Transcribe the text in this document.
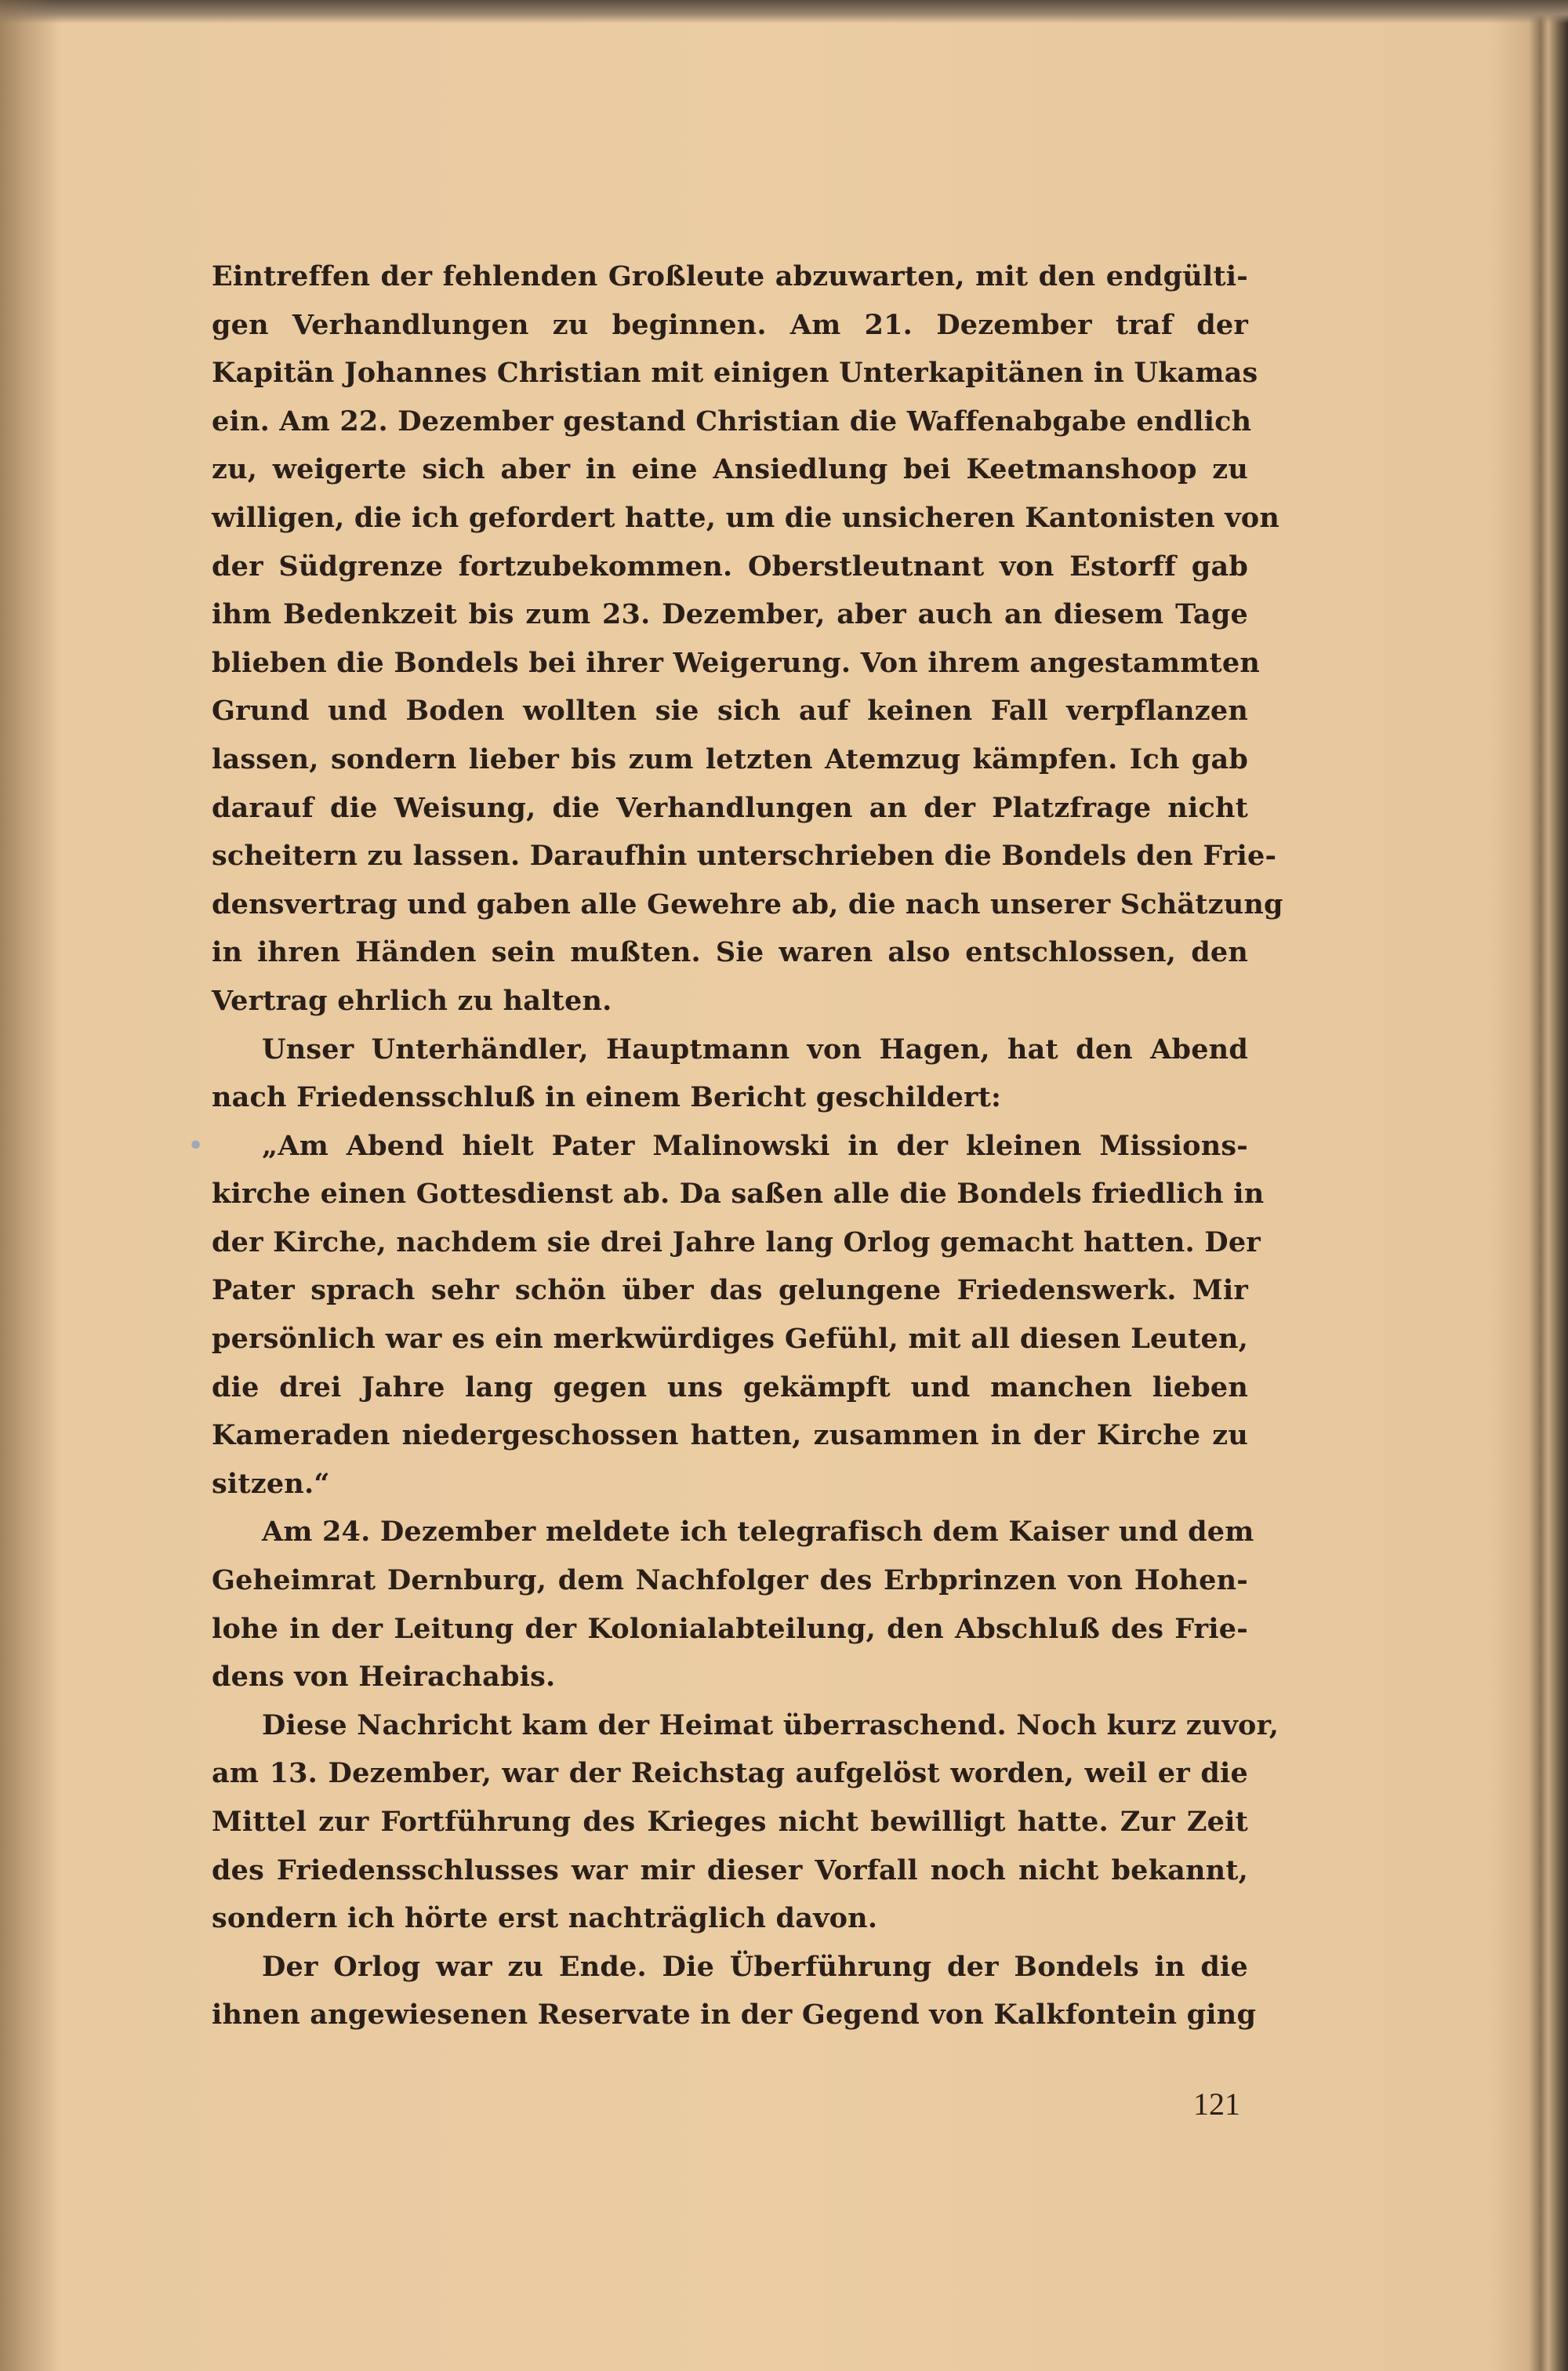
Eintreffen der fehlenden Großleute abzuwarten, mit den endgülti-
gen Verhandlungen zu beginnen. Am 21. Dezember traf der
Kapitän Johannes Christian mit einigen Unterkapitänen in Ukamas
ein. Am 22. Dezember gestand Christian die Waffenabgabe endlich
zu, weigerte sich aber in eine Ansiedlung bei Keetmanshoop zu
willigen, die ich gefordert hatte, um die unsicheren Kantonisten von
der Südgrenze fortzubekommen. Oberstleutnant von Estorff gab
ihm Bedenkzeit bis zum 23. Dezember, aber auch an diesem Tage
blieben die Bondels bei ihrer Weigerung. Von ihrem angestammten
Grund und Boden wollten sie sich auf keinen Fall verpflanzen
lassen, sondern lieber bis zum letzten Atemzug kämpfen. Ich gab
darauf die Weisung, die Verhandlungen an der Platzfrage nicht
scheitern zu lassen. Daraufhin unterschrieben die Bondels den Frie-
densvertrag und gaben alle Gewehre ab, die nach unserer Schätzung
in ihren Händen sein mußten. Sie waren also entschlossen, den
Vertrag ehrlich zu halten.
Unser Unterhändler, Hauptmann von Hagen, hat den Abend
nach Friedensschluß in einem Bericht geschildert:
• „Am Abend hielt Pater Malinowski in der kleinen Missions-
kirche einen Gottesdienst ab. Da saßen alle die Bondels friedlich in
der Kirche, nachdem sie drei Jahre lang Orlog gemacht hatten. Der
Pater sprach sehr schön über das gelungene Friedenswerk. Mir
persönlich war es ein merkwürdiges Gefühl, mit all diesen Leuten,
die drei Jahre lang gegen uns gekämpft und manchen lieben
Kameraden niedergeschossen hatten, zusammen in der Kirche zu
sitzen.“
Am 24. Dezember meldete ich telegrafisch dem Kaiser und dem
Geheimrat Dernburg, dem Nachfolger des Erbprinzen von Hohen-
lohe in der Leitung der Kolonialabteilung, den Abschluß des Frie-
dens von Heirachabis.
Diese Nachricht kam der Heimat überraschend. Noch kurz zuvor,
am 13. Dezember, war der Reichstag aufgelöst worden, weil er die
Mittel zur Fortführung des Krieges nicht bewilligt hatte. Zur Zeit
des Friedensschlusses war mir dieser Vorfall noch nicht bekannt,
sondern ich hörte erst nachträglich davon.
Der Orlog war zu Ende. Die Überführung der Bondels in die
ihnen angewiesenen Reservate in der Gegend von Kalkfontein ging
121
